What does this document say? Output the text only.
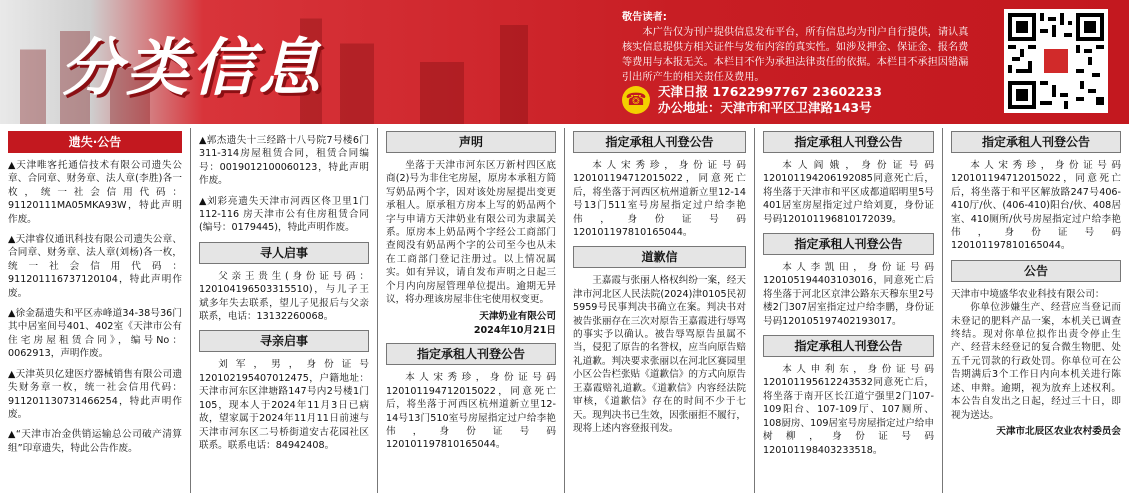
分类信息
敬告读者:

本广告仅为刊户提供信息发布平台，所有信息均为刊户自行提供，请认真核实信息提供方相关证件与发布内容的真实性。如涉及押金、保证金、报名费等费用与本报无关。本栏目不作为承担法律责任的依据。本栏目不承担因错漏引出所产生的相关责任及费用。

☎ 天津日报 17622997767 23602233
办公地址：天津市和平区卫津路143号
遗失·公告
▲天津唯客托通信技术有限公司遗失公章、合同章、财务章、法人章(李胜)各一枚，统一社会信用代码：91120111MA05MKA93W，特此声明作废。
▲天津睿仪通讯科技有限公司遗失公章、合同章、财务章、法人章(刘杨)各一枚，统一社会信用代码：911201116737120104，特此声明作废。
▲徐金磊遗失和平区赤峰道34-38号36门其中居室间号401、402室《天津市公有住宅房屋租赁合同》，编号No：0062913，声明作废。
▲天津英贝亿建医疗器械销售有限公司遗失财务章一枚，统一社会信用代码：911201130731466254，特此声明作废。
▲“天津市冶金供销运输总公司破产清算组”印章遗失，特此公告作废。
▲郭杰遗失十三经路十八号院7号楼6门311-314房屋租赁合同，租赁合同编号：0019012100060123，特此声明作废。
▲刘彩亮遗失天津市河西区佟卫里1门112-116 房天津市公有住房租赁合同(编号：0179445)，特此声明作废。
寻人启事
父亲王贵生(身份证号码：120104196503315510)，与儿子王斌多年失去联系，望儿子见报后与父亲联系，电话：13132260068。
寻亲启事
刘军，男，身份证号120102195407012475，户籍地址：天津市河东区津塘路147号内2号楼1门105，现本人于2024年11月3日已病故，望家属于2024年11月11日前速与天津市河东区二号桥街道安古花园社区联系。联系电话：84942408。
声明
坐落于天津市河东区万新村四区底商(2)号为非住宅房屋，原房本承租方简写奶品两个字，因对该处房屋提出变更承租人。原承租方房本上写的奶品两个字与申请方天津奶业有限公司为隶属关系。原房本上奶品两个字经公工商部门查阅没有奶品两个字的公司至今也从未在工商部门登记注册过。以上情况属实。如有异议，请自发布声明之日起三个月内向房屋管理单位提出。逾期无异议，将办理该房屋非住宅使用权变更。
天津奶业有限公司
2024年10月21日
指定承租人刊登公告
本人宋秀珍，身份证号码120101194712015022，同意死亡后，将坐落于河西区杭州道新立里12-14号13门510室号房屋指定过户给李艳伟，身份证号码120101197810165044。
指定承租人刊登公告
本人宋秀珍，身份证号码120101194712015022，同意死亡后，将坐落于河西区杭州道新立里12-14号13门511室号房屋指定过户给李艳伟，身份证号码120101197810165044。
道歉信
王嘉霞与张丽人格权纠纷一案，经天津市河北区人民法院(2024)津0105民初5959号民事判决书确立在案。判决书对被告张丽存在三次对原告王嘉霞进行辱骂的事实予以确认。被告辱骂原告虽属不当，侵犯了原告的名誉权，应当向原告赔礼道歉。判决要求张丽以在河北区赛园里小区公告栏张贴《道歉信》的方式向原告王嘉霞赔礼道歉。《道歉信》内容经法院审核，《道歉信》存在的时间不少于七天。现判决书已生效，因张丽拒不履行，现将上述内容登报刊发。
指定承租人刊登公告
本人阎娥，身份证号码120101194206192085同意死亡后，将坐落于天津市和平区成都道昭明里5号401居室房屋指定过户给刘夏，身份证号码120101196810172039。
指定承租人刊登公告
本人李凯田，身份证号码120105194403103016，同意死亡后将坐落于河北区京津公路东天穆东里2号楼2门307居室指定过户给李鹏，身份证号码120105197402193017。
指定承租人刊登公告
本人申利东，身份证号码120101195612243532同意死亡后，将坐落于南开区长江道宁强里2门107-109阳台、107-109厅、107厕所、108厨房、109居室号房屋指定过户给申树柳，身份证号码120101198403233518。
指定承租人刊登公告
本人宋秀珍，身份证号码120101194712015022，同意死亡后，将坐落于和平区解放路247号406-410厅/伙、(406-410)阳台/伙、408居室、410厕所/伙号房屋指定过户给李艳伟，身份证号码120101197810165044。
公告
天津市中境盛华农业科技有限公司：
你单位涉嫌生产、经营应当登记而未登记的肥料产品一案，本机关已调查终结。现对你单位拟作出责令停止生产、经营未经登记的复合微生物肥、处五千元罚款的行政处罚。你单位可在公告期满后3个工作日内向本机关进行陈述、申辩。逾期，视为放弃上述权利。本公告自发出之日起，经过三十日，即视为送达。
天津市北辰区农业农村委员会
